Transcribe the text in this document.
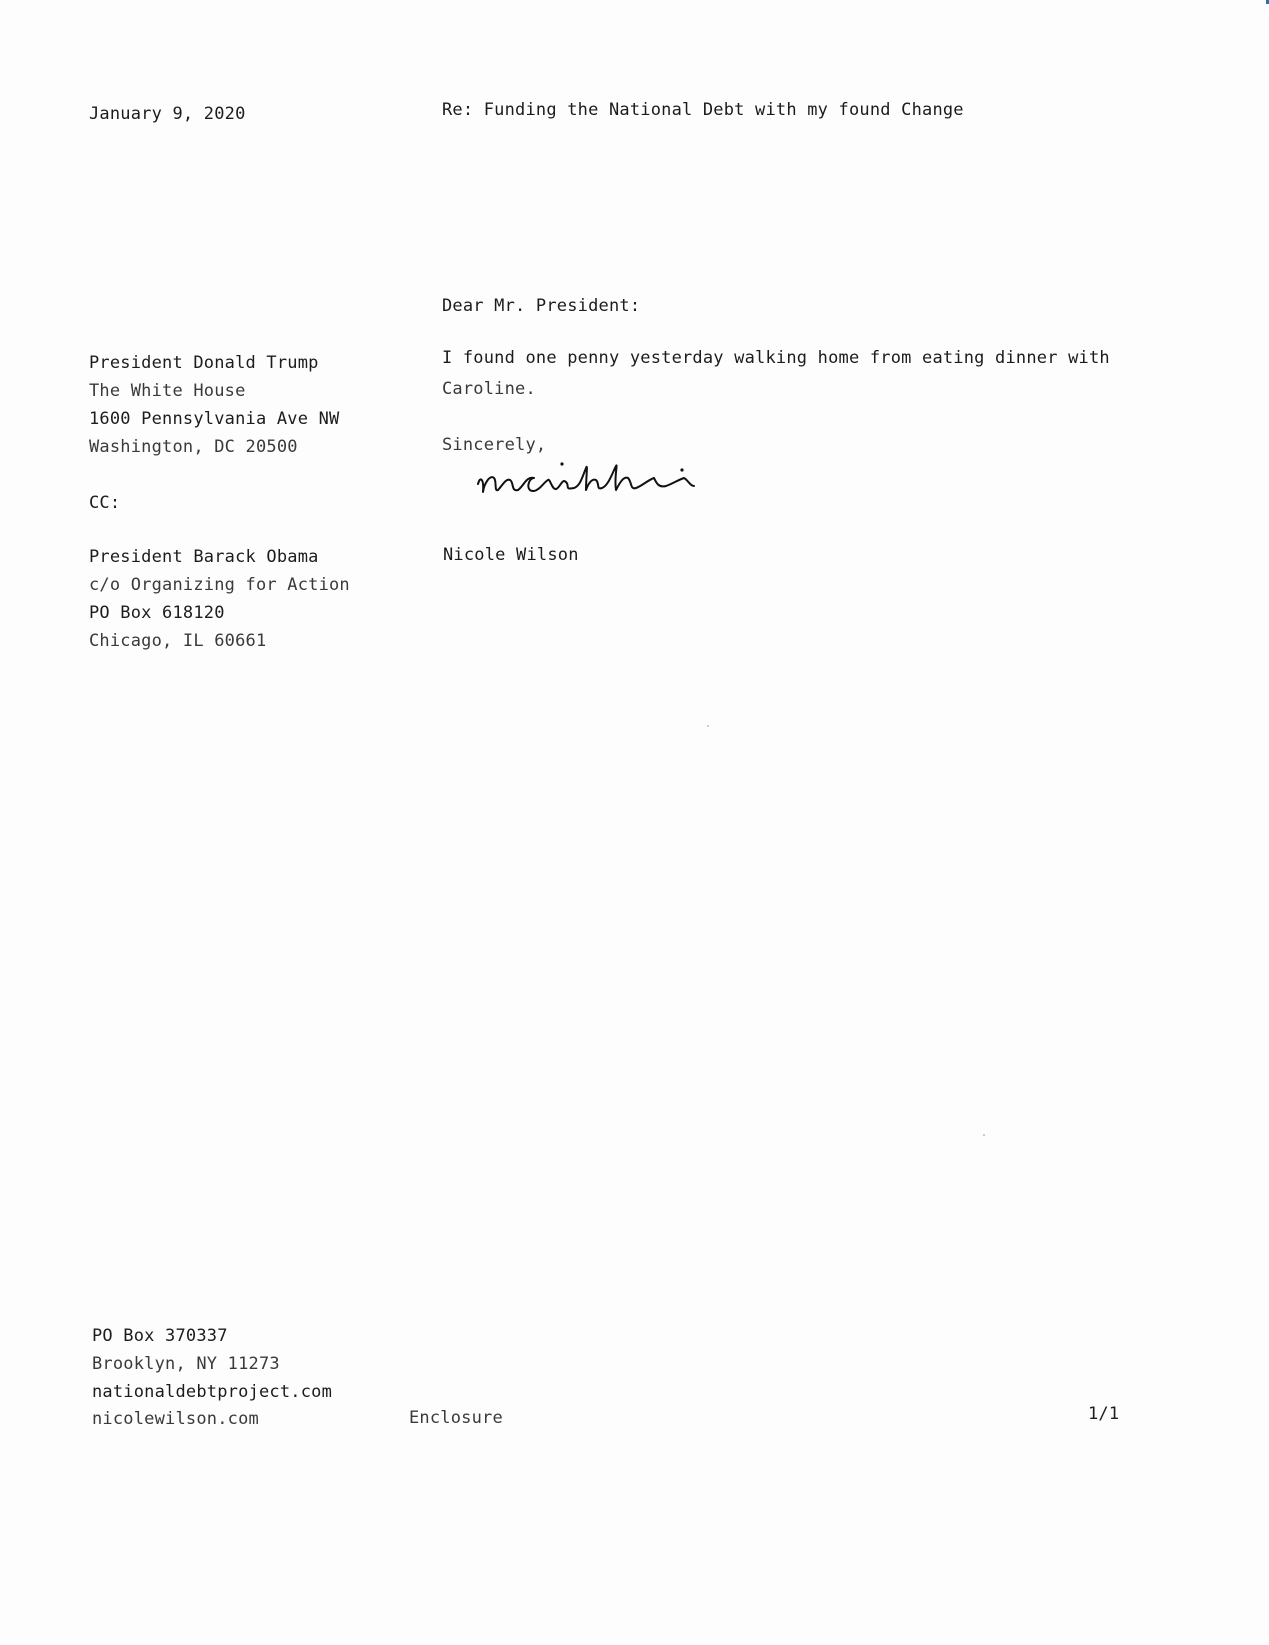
January 9, 2020	Re: Funding the National Debt with my found Change
Dear Mr. President:
I found one penny yesterday walking home from eating dinner with
Caroline.
Sincerely,
Nicole Wilson
President Donald Trump
The White House
1600 Pennsylvania Ave NW
Washington, DC 20500
CC:
President Barack Obama
c/o Organizing for Action
PO Box 618120
Chicago, IL 60661
PO Box 370337
Brooklyn, NY 11273
nationaldebtproject.com
nicolewilson.com	Enclosure	1/1
